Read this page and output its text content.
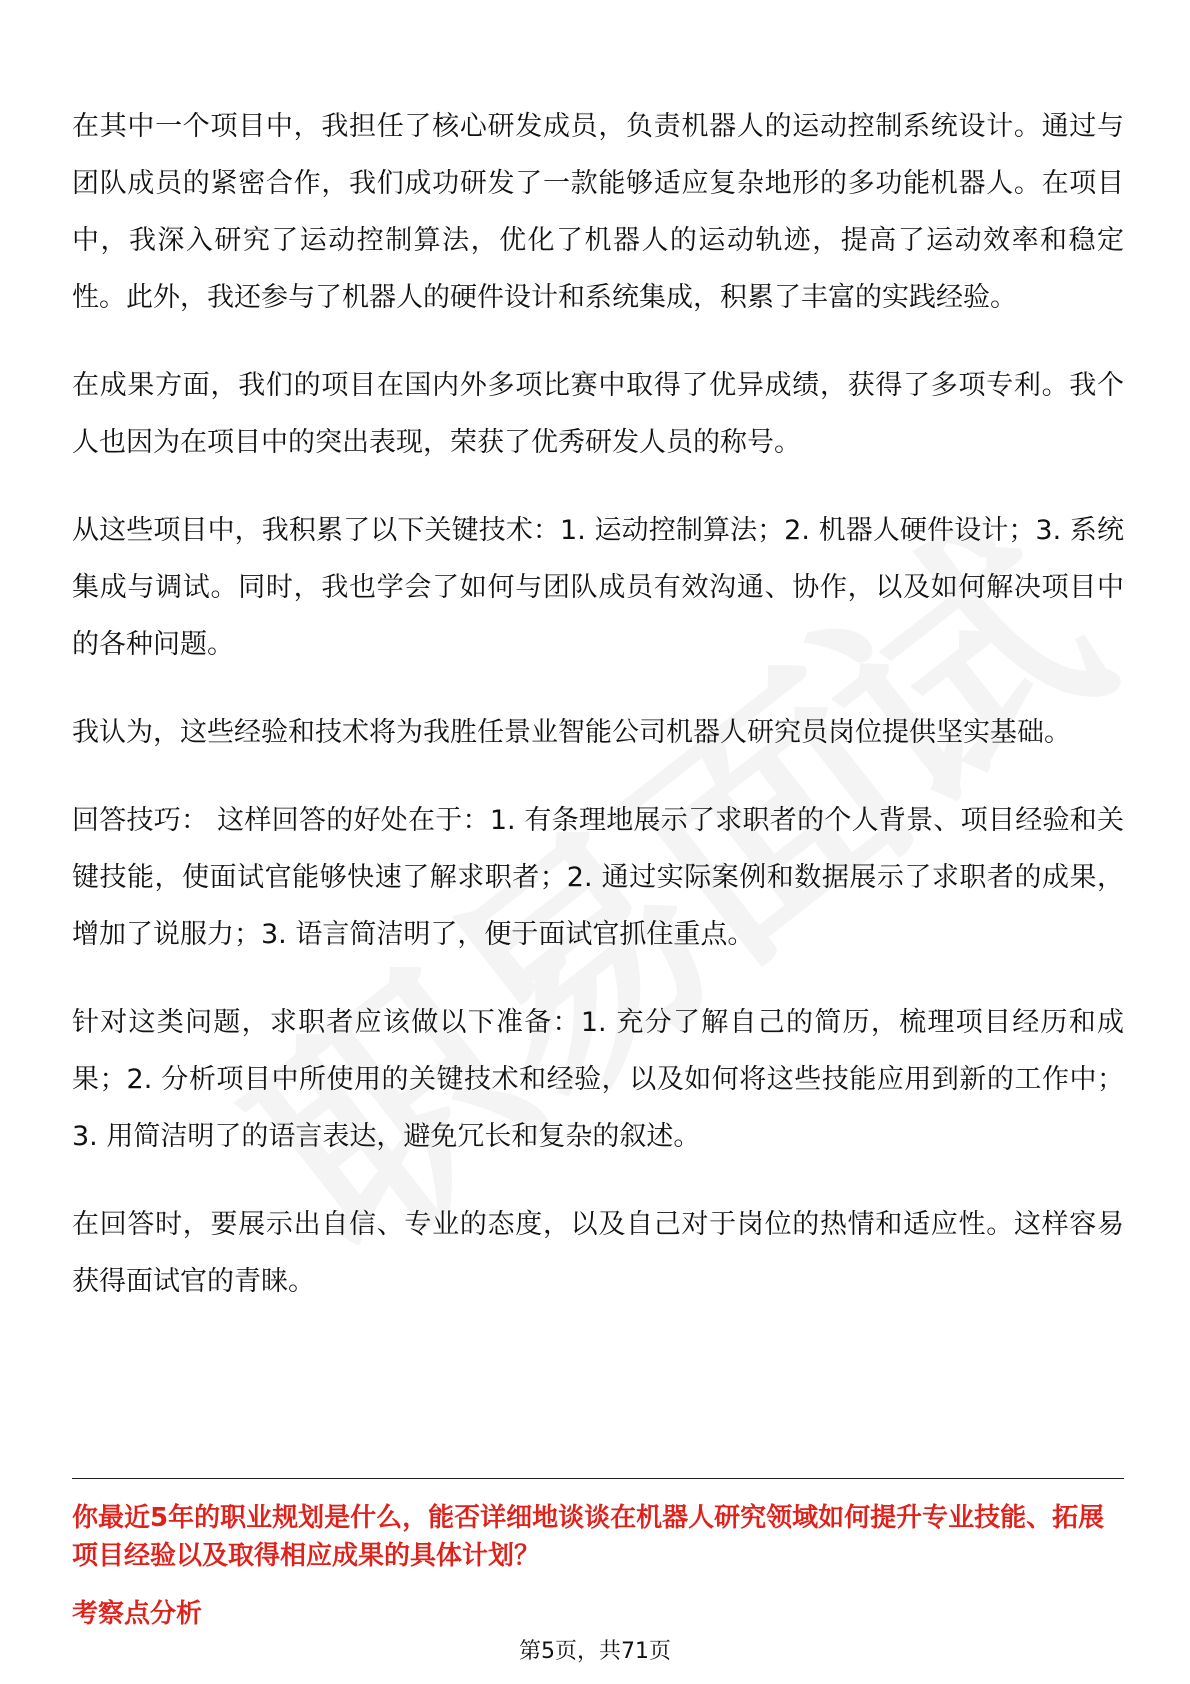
在其中一个项目中，我担任了核心研发成员，负责机器人的运动控制系统设计。通过与团队成员的紧密合作，我们成功研发了一款能够适应复杂地形的多功能机器人。在项目中，我深入研究了运动控制算法，优化了机器人的运动轨迹，提高了运动效率和稳定性。此外，我还参与了机器人的硬件设计和系统集成，积累了丰富的实践经验。

在成果方面，我们的项目在国内外多项比赛中取得了优异成绩，获得了多项专利。我个人也因为在项目中的突出表现，荣获了优秀研发人员的称号。

从这些项目中，我积累了以下关键技术：1. 运动控制算法；2. 机器人硬件设计；3. 系统集成与调试。同时，我也学会了如何与团队成员有效沟通、协作，以及如何解决项目中的各种问题。

我认为，这些经验和技术将为我胜任景业智能公司机器人研究员岗位提供坚实基础。

回答技巧： 这样回答的好处在于：1. 有条理地展示了求职者的个人背景、项目经验和关键技能，使面试官能够快速了解求职者；2. 通过实际案例和数据展示了求职者的成果，增加了说服力；3. 语言简洁明了，便于面试官抓住重点。

针对这类问题，求职者应该做以下准备：1. 充分了解自己的简历，梳理项目经历和成果；2. 分析项目中所使用的关键技术和经验，以及如何将这些技能应用到新的工作中；3. 用简洁明了的语言表达，避免冗长和复杂的叙述。

在回答时，要展示出自信、专业的态度，以及自己对于岗位的热情和适应性。这样容易获得面试官的青睐。

你最近5年的职业规划是什么，能否详细地谈谈在机器人研究领域如何提升专业技能、拓展项目经验以及取得相应成果的具体计划？
考察点分析
第5页，共71页
